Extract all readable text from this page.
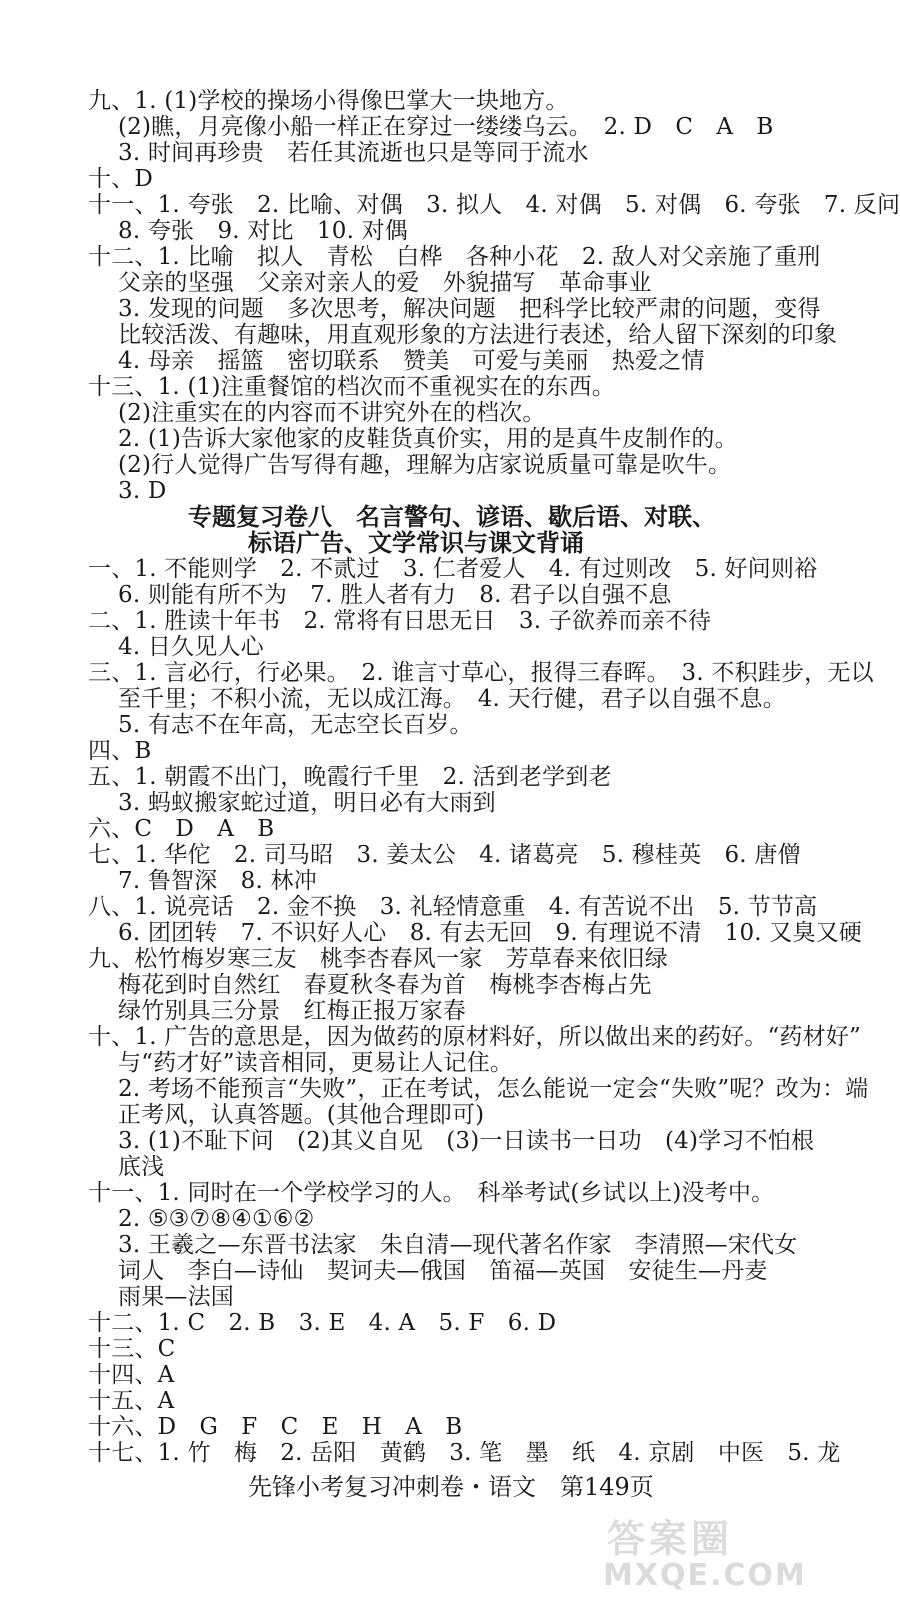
九、1. (1)学校的操场小得像巴掌大一块地方。
(2)瞧，月亮像小船一样正在穿过一缕缕乌云。　2. D　C　A　B
3. 时间再珍贵　若任其流逝也只是等同于流水
十、D
十一、1. 夸张　2. 比喻、对偶　3. 拟人　4. 对偶　5. 对偶　6. 夸张　7. 反问
8. 夸张　9. 对比　10. 对偶
十二、1. 比喻　拟人　青松　白桦　各种小花　2. 敌人对父亲施了重刑
父亲的坚强　父亲对亲人的爱　外貌描写　革命事业
3. 发现的问题　多次思考，解决问题　把科学比较严肃的问题，变得
比较活泼、有趣味，用直观形象的方法进行表述，给人留下深刻的印象
4. 母亲　摇篮　密切联系　赞美　可爱与美丽　热爱之情
十三、1. (1)注重餐馆的档次而不重视实在的东西。
(2)注重实在的内容而不讲究外在的档次。
2. (1)告诉大家他家的皮鞋货真价实，用的是真牛皮制作的。
(2)行人觉得广告写得有趣，理解为店家说质量可靠是吹牛。
3. D
专题复习卷八　名言警句、谚语、歇后语、对联、
标语广告、文学常识与课文背诵
一、1. 不能则学　2. 不贰过　3. 仁者爱人　4. 有过则改　5. 好问则裕
6. 则能有所不为　7. 胜人者有力　8. 君子以自强不息
二、1. 胜读十年书　2. 常将有日思无日　3. 子欲养而亲不待
4. 日久见人心
三、1. 言必行，行必果。　2. 谁言寸草心，报得三春晖。　3. 不积跬步，无以
至千里；不积小流，无以成江海。　4. 天行健，君子以自强不息。
5. 有志不在年高，无志空长百岁。
四、B
五、1. 朝霞不出门，晚霞行千里　2. 活到老学到老
3. 蚂蚁搬家蛇过道，明日必有大雨到
六、C　D　A　B
七、1. 华佗　2. 司马昭　3. 姜太公　4. 诸葛亮　5. 穆桂英　6. 唐僧
7. 鲁智深　8. 林冲
八、1. 说亮话　2. 金不换　3. 礼轻情意重　4. 有苦说不出　5. 节节高
6. 团团转　7. 不识好人心　8. 有去无回　9. 有理说不清　10. 又臭又硬
九、松竹梅岁寒三友　桃李杏春风一家　芳草春来依旧绿
梅花到时自然红　春夏秋冬春为首　梅桃李杏梅占先
绿竹别具三分景　红梅正报万家春
十、1. 广告的意思是，因为做药的原材料好，所以做出来的药好。“药材好”
与“药才好”读音相同，更易让人记住。
2. 考场不能预言“失败”，正在考试，怎么能说一定会“失败”呢？改为：端
正考风，认真答题。(其他合理即可)
3. (1)不耻下问　(2)其义自见　(3)一日读书一日功　(4)学习不怕根
底浅
十一、1. 同时在一个学校学习的人。　科举考试(乡试以上)没考中。
2. ⑤③⑦⑧④①⑥②
3. 王羲之—东晋书法家　朱自清—现代著名作家　李清照—宋代女
词人　李白—诗仙　契诃夫—俄国　笛福—英国　安徒生—丹麦
雨果—法国
十二、1. C　2. B　3. E　4. A　5. F　6. D
十三、C
十四、A
十五、A
十六、D　G　F　C　E　H　A　B
十七、1. 竹　梅　2. 岳阳　黄鹤　3. 笔　墨　纸　4. 京剧　中医　5. 龙
先锋小考复习冲刺卷・语文　第149页
答案圈
MXQE.COM
